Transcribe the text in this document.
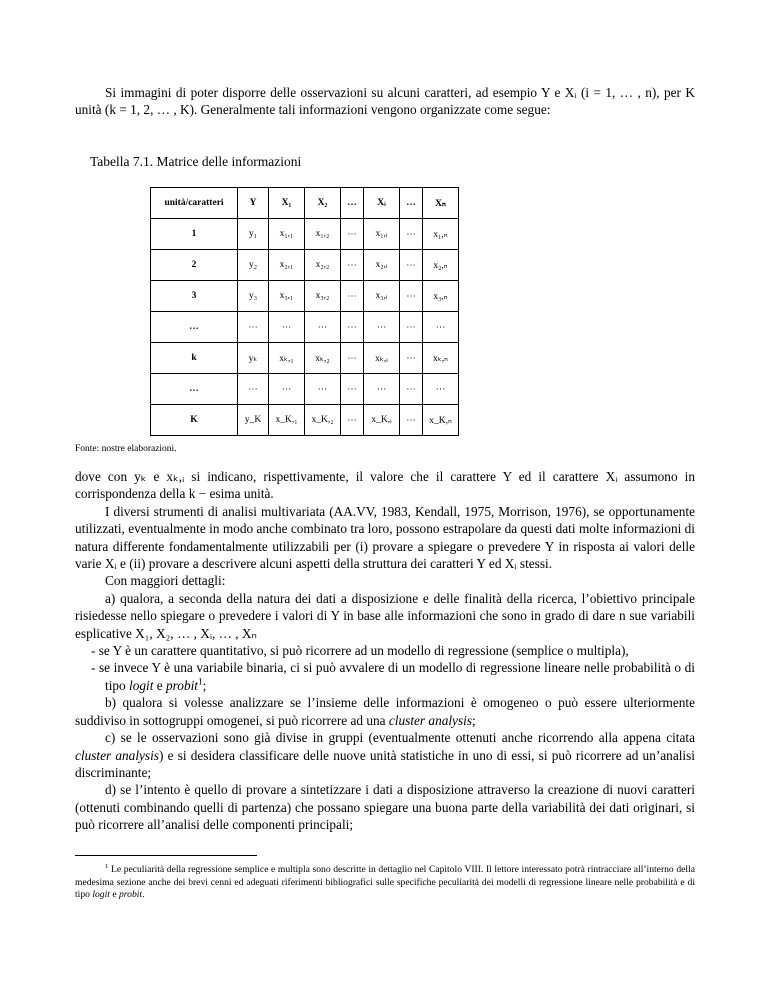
Si immagini di poter disporre delle osservazioni su alcuni caratteri, ad esempio Y e Xᵢ (i = 1, … , n), per K unità (k = 1, 2, … , K). Generalmente tali informazioni vengono organizzate come segue:

Tabella 7.1. Matrice delle informazioni
unità/caratteri	Y	X₁	X₂	…	Xᵢ	…	Xₙ
1	y₁	x₁,₁	x₁,₂	⋯	x₁,ᵢ	⋯	x₁,ₙ
2	y₂	x₂,₁	x₂,₂	⋯	x₂,ᵢ	⋯	x₂,ₙ
3	y₃	x₃,₁	x₃,₂	⋯	x₃,ᵢ	⋯	x₃,ₙ
…	⋯	⋯	⋯	⋯	⋯	⋯	⋯
k	yₖ	xₖ,₁	xₖ,₂	⋯	xₖ,ᵢ	⋯	xₖ,ₙ
…	⋯	⋯	⋯	⋯	⋯	⋯	⋯
K	y_K	x_K,₁	x_K,₂	⋯	x_K,ᵢ	⋯	x_K,ₙ
Fonte: nostre elaborazioni.

dove con yₖ e xₖ,ᵢ si indicano, rispettivamente, il valore che il carattere Y ed il carattere Xᵢ assumono in corrispondenza della k − esima unità.

I diversi strumenti di analisi multivariata (AA.VV, 1983, Kendall, 1975, Morrison, 1976), se opportunamente utilizzati, eventualmente in modo anche combinato tra loro, possono estrapolare da questi dati molte informazioni di natura differente fondamentalmente utilizzabili per (i) provare a spiegare o prevedere Y in risposta ai valori delle varie Xᵢ e (ii) provare a descrivere alcuni aspetti della struttura dei caratteri Y ed Xᵢ stessi.

Con maggiori dettagli:

a) qualora, a seconda della natura dei dati a disposizione e delle finalità della ricerca, l’obiettivo principale risiedesse nello spiegare o prevedere i valori di Y in base alle informazioni che sono in grado di dare n sue variabili esplicative X₁, X₂, … , Xᵢ, … , Xₙ

- se Y è un carattere quantitativo, si può ricorrere ad un modello di regressione (semplice o multipla),

- se invece Y è una variabile binaria, ci si può avvalere di un modello di regressione lineare nelle probabilità o di tipo logit e probit$^1$;

b) qualora si volesse analizzare se l’insieme delle informazioni è omogeneo o può essere ulteriormente suddiviso in sottogruppi omogenei, si può ricorrere ad una cluster analysis;

c) se le osservazioni sono già divise in gruppi (eventualmente ottenuti anche ricorrendo alla appena citata cluster analysis) e si desidera classificare delle nuove unità statistiche in uno di essi, si può ricorrere ad un’analisi discriminante;

d) se l’intento è quello di provare a sintetizzare i dati a disposizione attraverso la creazione di nuovi caratteri (ottenuti combinando quelli di partenza) che possano spiegare una buona parte della variabilità dei dati originari, si può ricorrere all’analisi delle componenti principali;

$^1$ Le peculiarità della regressione semplice e multipla sono descritte in dettaglio nel Capitolo VIII. Il lettore interessato potrà rintracciare all’interno della medesima sezione anche dei brevi cenni ed adeguati riferimenti bibliografici sulle specifiche peculiarità dei modelli di regressione lineare nelle probabilità e di tipo logit e probit.
